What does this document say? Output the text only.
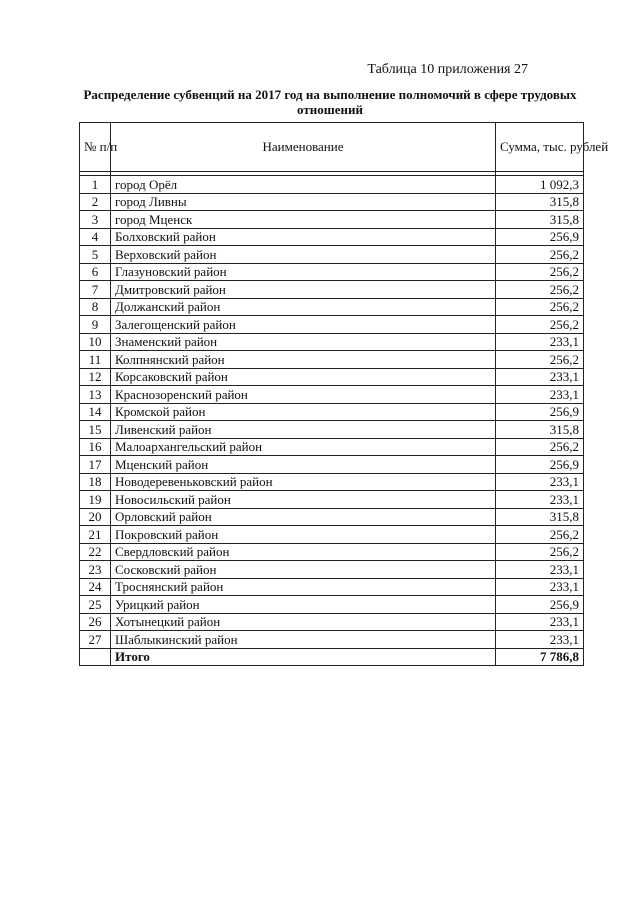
Таблица 10 приложения 27
Распределение субвенций на 2017 год на выполнение полномочий в сфере трудовых отношений
№ п/п	Наименование	Сумма, тыс. рублей

1	город Орёл	1 092,3
2	город Ливны	315,8
3	город Мценск	315,8
4	Болховский район	256,9
5	Верховский район	256,2
6	Глазуновский район	256,2
7	Дмитровский район	256,2
8	Должанский район	256,2
9	Залегощенский район	256,2
10	Знаменский район	233,1
11	Колпнянский район	256,2
12	Корсаковский район	233,1
13	Краснозоренский район	233,1
14	Кромской район	256,9
15	Ливенский район	315,8
16	Малоархангельский район	256,2
17	Мценский район	256,9
18	Новодеревеньковский район	233,1
19	Новосильский район	233,1
20	Орловский район	315,8
21	Покровский район	256,2
22	Свердловский район	256,2
23	Сосковский район	233,1
24	Троснянский район	233,1
25	Урицкий район	256,9
26	Хотынецкий район	233,1
27	Шаблыкинский район	233,1
	Итого	7 786,8
